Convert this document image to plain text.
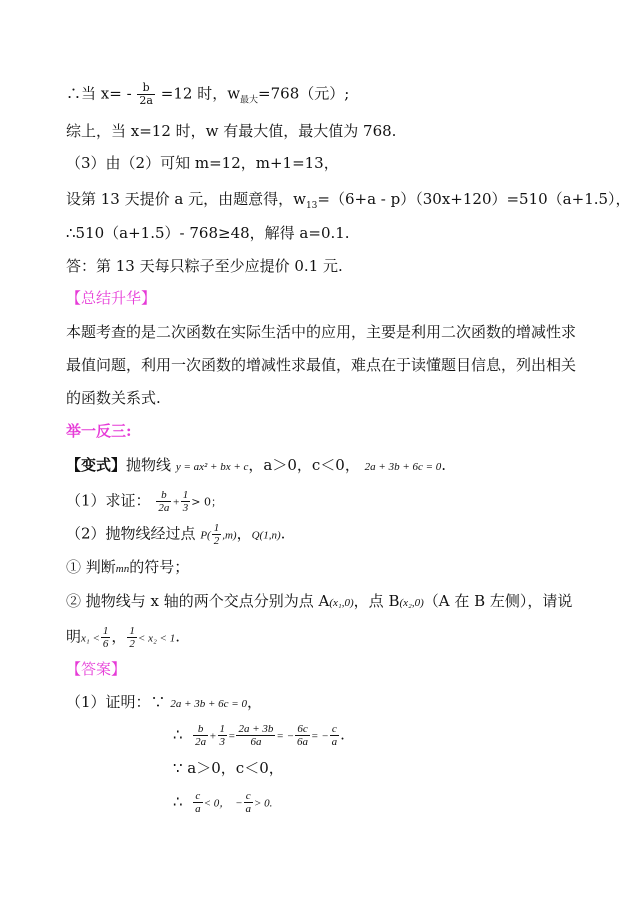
∴当 $x= - \frac{b}{2a} =12$ 时，$w_{最大}=768$（元）;
综上，当 x=12 时，w 有最大值，最大值为 768.
（3）由（2）可知 m=12，m+1=13，
设第 13 天提价 a 元，由题意得，$w_{13}=(6+a - p)(30x+120)=510(a+1.5)$，
∴510（a+1.5）- 768≥48，解得 a=0.1.
答：第 13 天每只粽子至少应提价 0.1 元.
【总结升华】
本题考查的是二次函数在实际生活中的应用，主要是利用二次函数的增减性求
最值问题，利用一次函数的增减性求最值，难点在于读懂题目信息，列出相关
的函数关系式.
举一反三:
【变式】抛物线 y = ax² + bx + c，a＞0，c＜0， 2a + 3b + 6c = 0.
（1）求证： $\frac{b}{2a} + \frac{1}{3} > 0$；
（2）抛物线经过点 $P( \frac{1}{2} ,m)$，Q(1,n).
① 判断mn的符号；
② 抛物线与 x 轴的两个交点分别为点 A(x₁,0)，点 B(x₂,0)（A 在 B 左侧），请说
明$x_1 < \frac{1}{6}$ ， $\frac{1}{2} < x_2 < 1$.
【答案】
（1）证明：∵ 2a + 3b + 6c = 0，
∴ $\frac{b}{2a} + \frac{1}{3} = \frac{2a + 3b}{6a}$ = − $\frac{6c}{6a}$ = − $\frac{c}{a}$ .
∵ a＞0，c＜0，
∴ $\frac{c}{a} < 0$， − $\frac{c}{a} > 0$.
